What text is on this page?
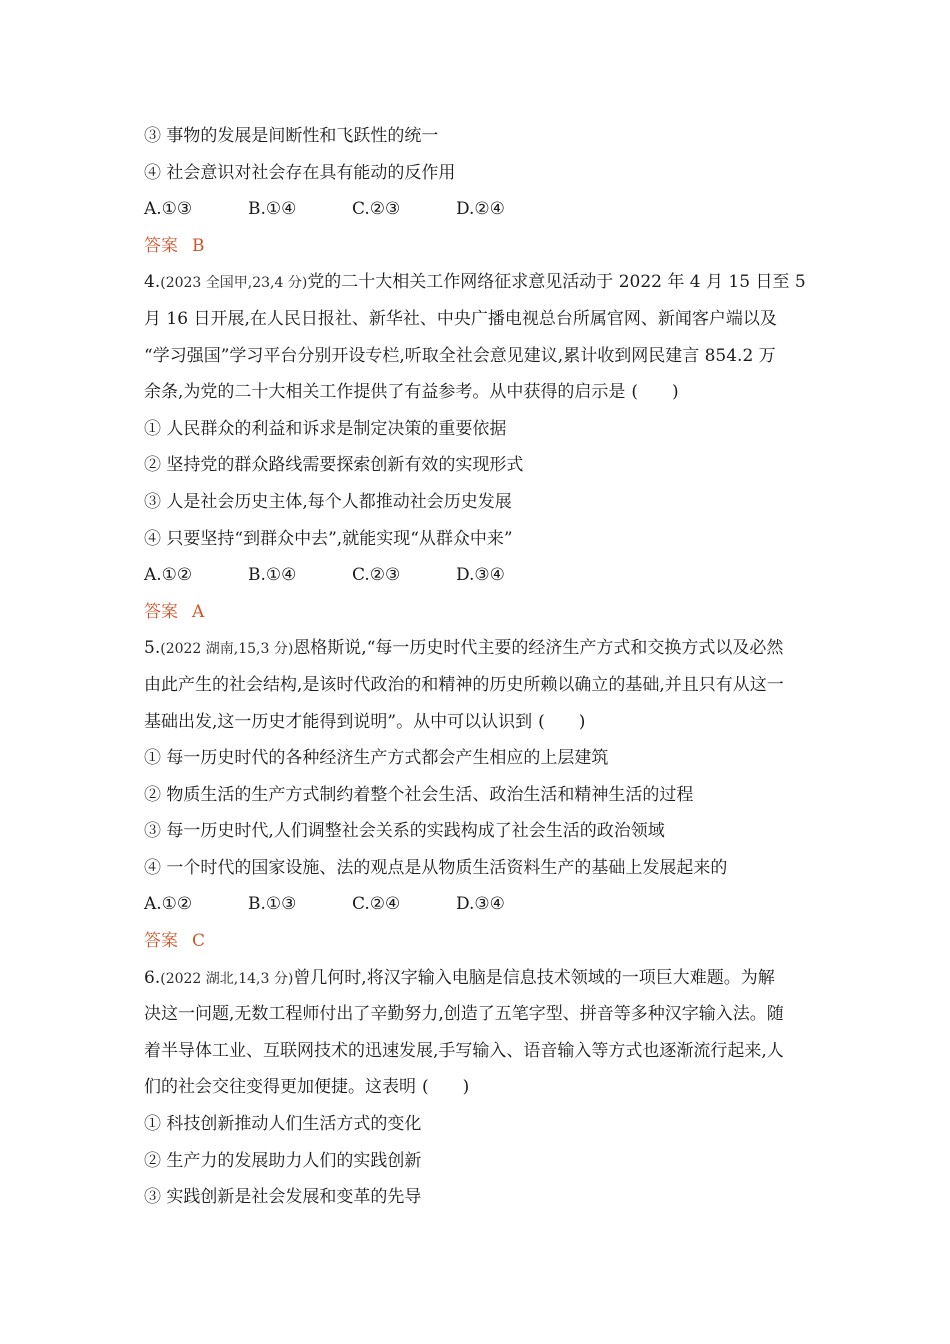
③ 事物的发展是间断性和飞跃性的统一
④ 社会意识对社会存在具有能动的反作用
A.①③	B.①④	C.②③	D.②④
答案 B
4.(2023 全国甲,23,4 分)党的二十大相关工作网络征求意见活动于 2022 年 4 月 15 日至 5
月 16 日开展,在人民日报社、新华社、中央广播电视总台所属官网、新闻客户端以及
“学习强国”学习平台分别开设专栏,听取全社会意见建议,累计收到网民建言 854.2 万
余条,为党的二十大相关工作提供了有益参考。从中获得的启示是 (　　)
① 人民群众的利益和诉求是制定决策的重要依据
② 坚持党的群众路线需要探索创新有效的实现形式
③ 人是社会历史主体,每个人都推动社会历史发展
④ 只要坚持“到群众中去”,就能实现“从群众中来”
A.①②	B.①④	C.②③	D.③④
答案 A
5.(2022 湖南,15,3 分)恩格斯说,“每一历史时代主要的经济生产方式和交换方式以及必然
由此产生的社会结构,是该时代政治的和精神的历史所赖以确立的基础,并且只有从这一
基础出发,这一历史才能得到说明”。从中可以认识到 (　　)
① 每一历史时代的各种经济生产方式都会产生相应的上层建筑
② 物质生活的生产方式制约着整个社会生活、政治生活和精神生活的过程
③ 每一历史时代,人们调整社会关系的实践构成了社会生活的政治领域
④ 一个时代的国家设施、法的观点是从物质生活资料生产的基础上发展起来的
A.①②	B.①③	C.②④	D.③④
答案 C
6.(2022 湖北,14,3 分)曾几何时,将汉字输入电脑是信息技术领域的一项巨大难题。为解
决这一问题,无数工程师付出了辛勤努力,创造了五笔字型、拼音等多种汉字输入法。随
着半导体工业、互联网技术的迅速发展,手写输入、语音输入等方式也逐渐流行起来,人
们的社会交往变得更加便捷。这表明 (　　)
① 科技创新推动人们生活方式的变化
② 生产力的发展助力人们的实践创新
③ 实践创新是社会发展和变革的先导
